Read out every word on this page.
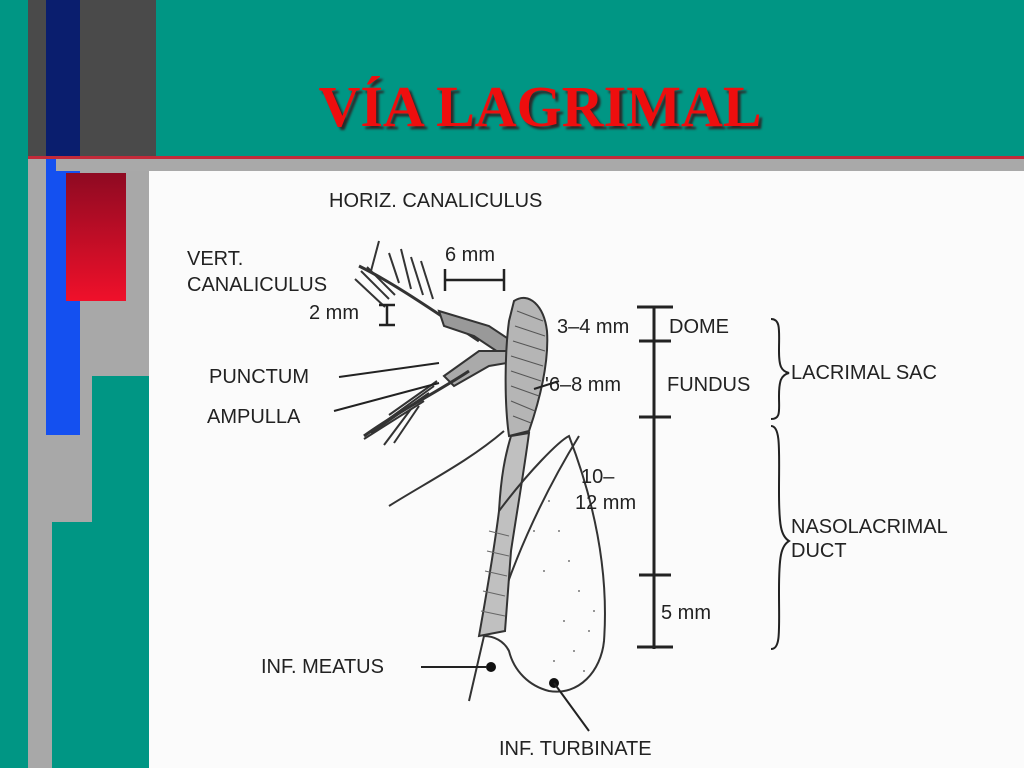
VÍA LAGRIMAL
HORIZ. CANALICULUS
VERT.
CANALICULUS
2 mm
6 mm
PUNCTUM
AMPULLA
3–4 mm
'6–8 mm
10–
12 mm
5 mm
DOME
FUNDUS
LACRIMAL SAC
NASOLACRIMAL
DUCT
INF. MEATUS
INF. TURBINATE
